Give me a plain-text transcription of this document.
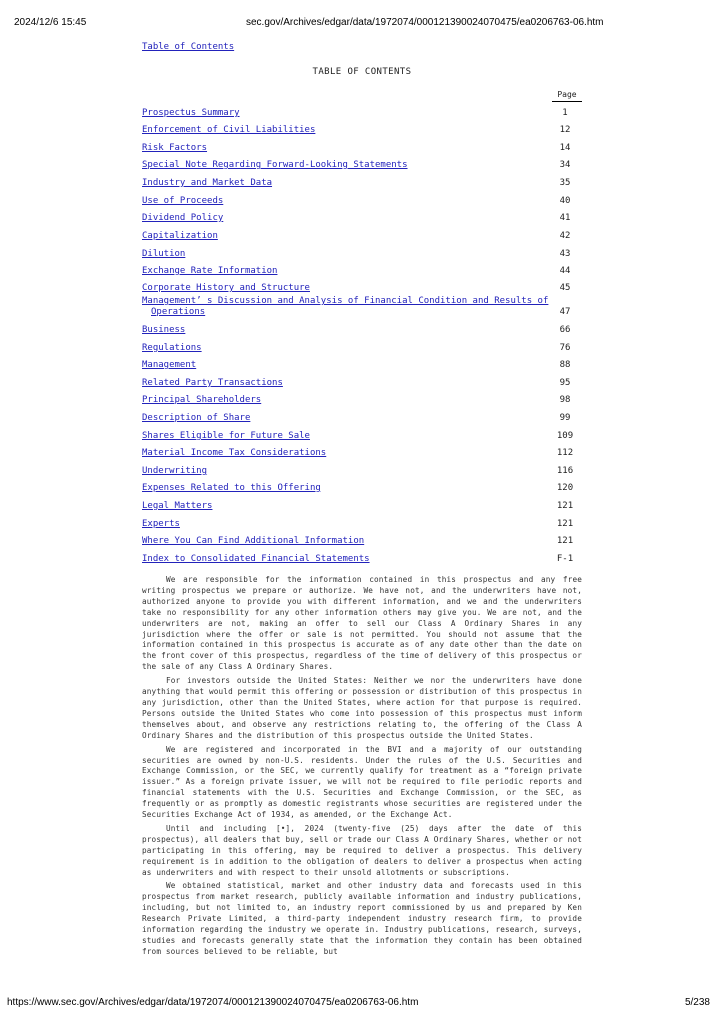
2024/12/6 15:45	sec.gov/Archives/edgar/data/1972074/000121390024070475/ea0206763-06.htm
Table of Contents
TABLE OF CONTENTS
Page
Prospectus Summary	1
Enforcement of Civil Liabilities	12
Risk Factors	14
Special Note Regarding Forward-Looking Statements	34
Industry and Market Data	35
Use of Proceeds	40
Dividend Policy	41
Capitalization	42
Dilution	43
Exchange Rate Information	44
Corporate History and Structure	45
Management’ s Discussion and Analysis of Financial Condition and Results of
Operations	47
Business	66
Regulations	76
Management	88
Related Party Transactions	95
Principal Shareholders	98
Description of Share	99
Shares Eligible for Future Sale	109
Material Income Tax Considerations	112
Underwriting	116
Expenses Related to this Offering	120
Legal Matters	121
Experts	121
Where You Can Find Additional Information	121
Index to Consolidated Financial Statements	F-1

We are responsible for the information contained in this prospectus and any free writing prospectus we prepare or authorize. We have not, and the underwriters have not, authorized anyone to provide you with different information, and we and the underwriters take no responsibility for any other information others may give you. We are not, and the underwriters are not, making an offer to sell our Class A Ordinary Shares in any jurisdiction where the offer or sale is not permitted. You should not assume that the information contained in this prospectus is accurate as of any date other than the date on the front cover of this prospectus, regardless of the time of delivery of this prospectus or the sale of any Class A Ordinary Shares.

For investors outside the United States: Neither we nor the underwriters have done anything that would permit this offering or possession or distribution of this prospectus in any jurisdiction, other than the United States, where action for that purpose is required. Persons outside the United States who come into possession of this prospectus must inform themselves about, and observe any restrictions relating to, the offering of the Class A Ordinary Shares and the distribution of this prospectus outside the United States.

We are registered and incorporated in the BVI and a majority of our outstanding securities are owned by non-U.S. residents. Under the rules of the U.S. Securities and Exchange Commission, or the SEC, we currently qualify for treatment as a “foreign private issuer.” As a foreign private issuer, we will not be required to file periodic reports and financial statements with the U.S. Securities and Exchange Commission, or the SEC, as frequently or as promptly as domestic registrants whose securities are registered under the Securities Exchange Act of 1934, as amended, or the Exchange Act.

Until and including [•], 2024 (twenty-five (25) days after the date of this prospectus), all dealers that buy, sell or trade our Class A Ordinary Shares, whether or not participating in this offering, may be required to deliver a prospectus. This delivery requirement is in addition to the obligation of dealers to deliver a prospectus when acting as underwriters and with respect to their unsold allotments or subscriptions.

We obtained statistical, market and other industry data and forecasts used in this prospectus from market research, publicly available information and industry publications, including, but not limited to, an industry report commissioned by us and prepared by Ken Research Private Limited, a third-party independent industry research firm, to provide information regarding the industry we operate in. Industry publications, research, surveys, studies and forecasts generally state that the information they contain has been obtained from sources believed to be reliable, but

https://www.sec.gov/Archives/edgar/data/1972074/000121390024070475/ea0206763-06.htm	5/238
